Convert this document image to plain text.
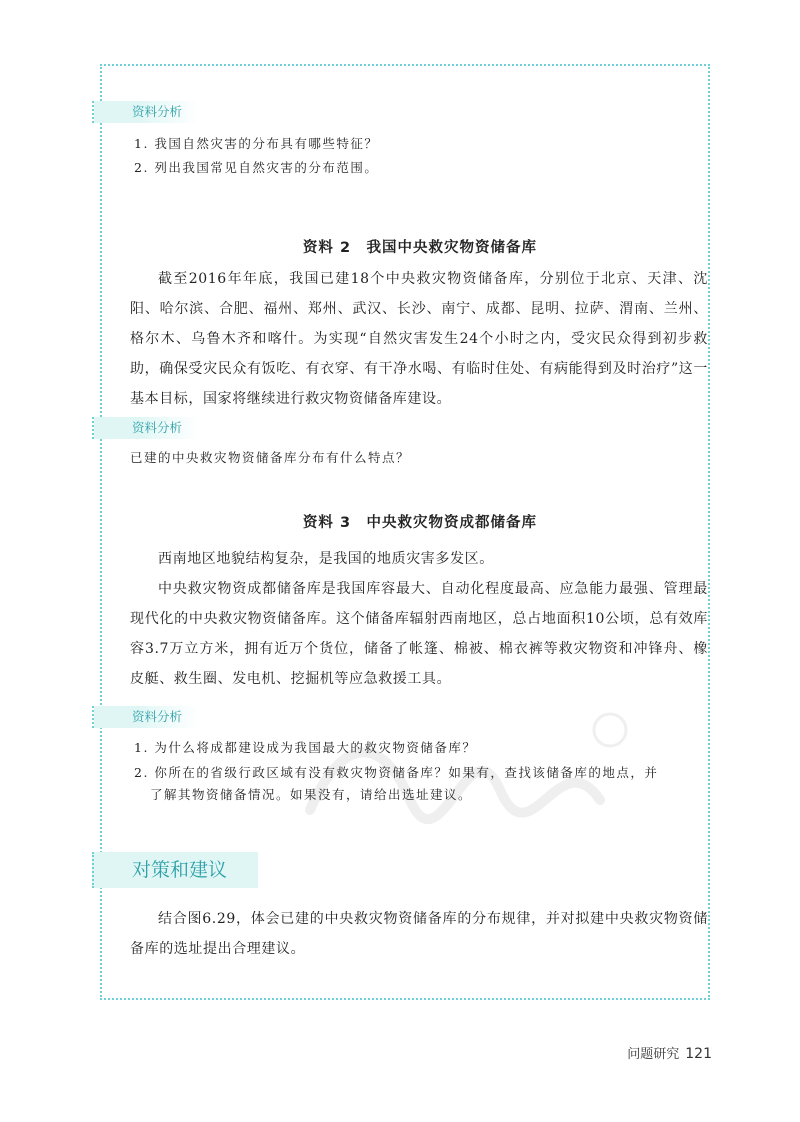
资料分析
1. 我国自然灾害的分布具有哪些特征？
2. 列出我国常见自然灾害的分布范围。
资料 2　我国中央救灾物资储备库

截至2016年年底，我国已建18个中央救灾物资储备库，分别位于北京、天津、沈阳、哈尔滨、合肥、福州、郑州、武汉、长沙、南宁、成都、昆明、拉萨、渭南、兰州、格尔木、乌鲁木齐和喀什。为实现“自然灾害发生24个小时之内，受灾民众得到初步救助，确保受灾民众有饭吃、有衣穿、有干净水喝、有临时住处、有病能得到及时治疗”这一基本目标，国家将继续进行救灾物资储备库建设。

资料分析
已建的中央救灾物资储备库分布有什么特点？
资料 3　中央救灾物资成都储备库

西南地区地貌结构复杂，是我国的地质灾害多发区。

中央救灾物资成都储备库是我国库容最大、自动化程度最高、应急能力最强、管理最现代化的中央救灾物资储备库。这个储备库辐射西南地区，总占地面积10公顷，总有效库容3.7万立方米，拥有近万个货位，储备了帐篷、棉被、棉衣裤等救灾物资和冲锋舟、橡皮艇、救生圈、发电机、挖掘机等应急救援工具。

资料分析
1. 为什么将成都建设成为我国最大的救灾物资储备库？
2. 你所在的省级行政区域有没有救灾物资储备库？如果有，查找该储备库的地点，并
了解其物资储备情况。如果没有，请给出选址建议。
对策和建议

结合图6.29，体会已建的中央救灾物资储备库的分布规律，并对拟建中央救灾物资储备库的选址提出合理建议。

问题研究 121
